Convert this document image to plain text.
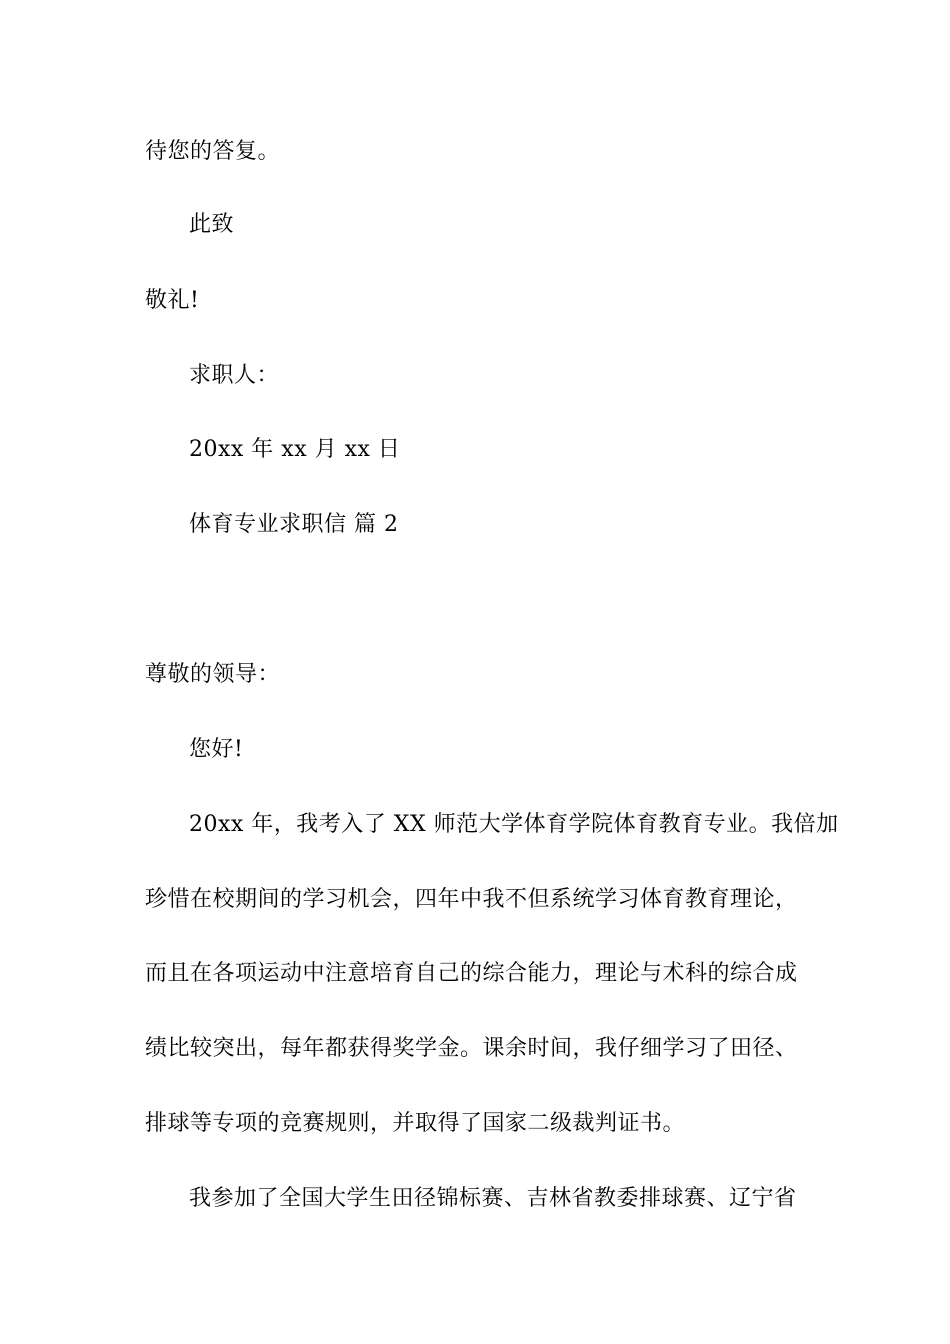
待您的答复。
此致
敬礼!
求职人：
20xx 年 xx 月 xx 日
体育专业求职信 篇 2
尊敬的领导：
您好!
20xx 年，我考入了 XX 师范大学体育学院体育教育专业。我倍加
珍惜在校期间的学习机会，四年中我不但系统学习体育教育理论，
而且在各项运动中注意培育自己的综合能力，理论与术科的综合成
绩比较突出，每年都获得奖学金。课余时间，我仔细学习了田径、
排球等专项的竞赛规则，并取得了国家二级裁判证书。
我参加了全国大学生田径锦标赛、吉林省教委排球赛、辽宁省
